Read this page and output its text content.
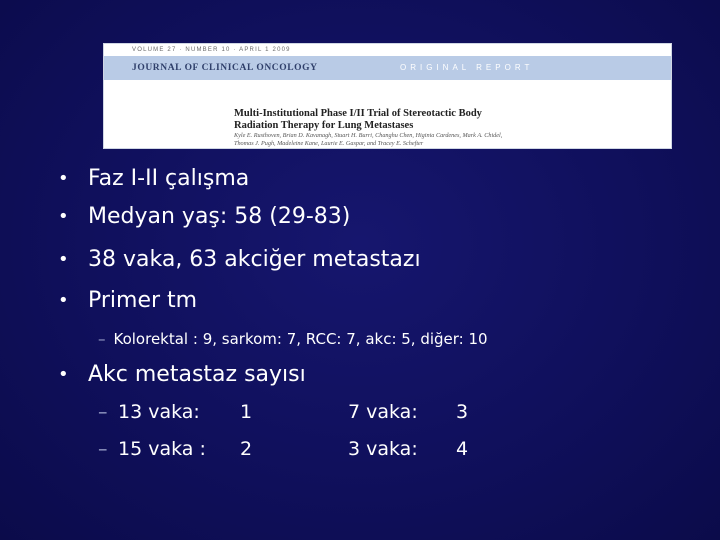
VOLUME 27 · NUMBER 10 · APRIL 1 2009
JOURNAL OF CLINICAL ONCOLOGY	ORIGINAL REPORT
Multi-Institutional Phase I/II Trial of Stereotactic Body
Radiation Therapy for Lung Metastases
Kyle E. Rusthoven, Brian D. Kavanagh, Stuart H. Burri, Changhu Chen, Higinia Cardenes, Mark A. Chidel,
Thomas J. Pugh, Madeleine Kane, Laurie E. Gaspar, and Tracey E. Schefter
• Faz I-II çalışma
• Medyan yaş: 58 (29-83)
• 38 vaka, 63 akciğer metastazı
• Primer tm
– Kolorektal : 9, sarkom: 7, RCC: 7, akc: 5, diğer: 10
• Akc metastaz sayısı
– 13 vaka: 1	7 vaka: 3
– 15 vaka : 2	3 vaka: 4
